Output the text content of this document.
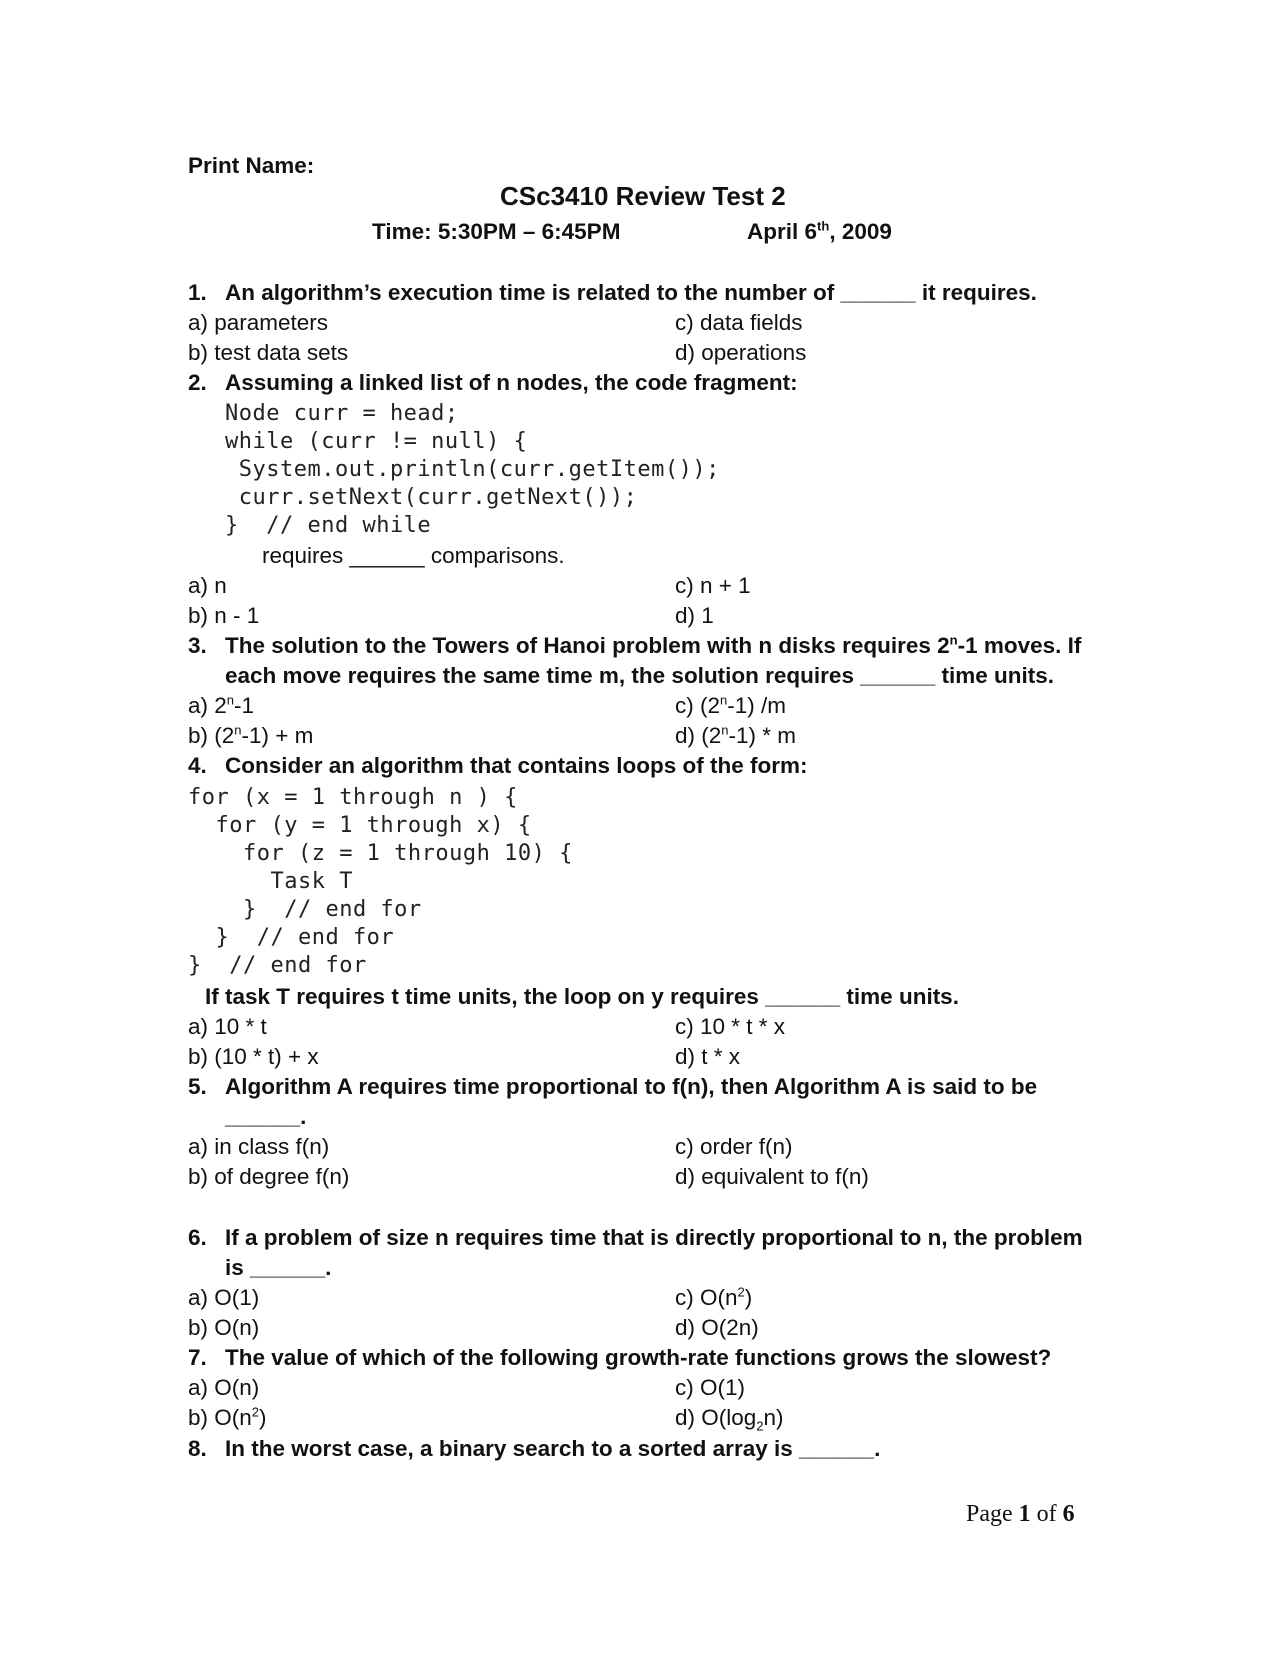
Print Name:
CSc3410 Review Test 2
Time: 5:30PM – 6:45PM	April 6th, 2009
1. An algorithm’s execution time is related to the number of ______ it requires.
a) parameters
b) test data sets
c) data fields
d) operations
2. Assuming a linked list of n nodes, the code fragment:
Node curr = head;
while (curr != null) {
System.out.println(curr.getItem());
curr.setNext(curr.getNext());
}  // end while
requires ______ comparisons.
a) n
b) n - 1
c) n + 1
d) 1
3. The solution to the Towers of Hanoi problem with n disks requires 2$^n$-1 moves. If
each move requires the same time m, the solution requires ______ time units.
a) 2$^n$-1
b) $(2^n-1) + m$
c) (2$^n$-1) /m
d) (2$^n$-1) * m
4. Consider an algorithm that contains loops of the form:
for (x = 1 through n ) {
for (y = 1 through x) {
for (z = 1 through 10) {
Task T
}  // end for
}  // end for
}  // end for
If task T requires t time units, the loop on y requires ______ time units.
a) 10 * t
b) (10 * t) + x
c) 10 * t * x
d) t * x
5. Algorithm A requires time proportional to f(n), then Algorithm A is said to be
______.
a) in class f(n)
b) of degree f(n)
c) order f(n)
d) equivalent to f(n)
6. If a problem of size n requires time that is directly proportional to n, the problem
is ______.
a) O(1)
b) O(n)
c) $O(n^2)$
d) O(2n)
7. The value of which of the following growth-rate functions grows the slowest?
a) O(n)
b) $O(n^2)$
c) O(1)
d) $O(\log_2n)$
8. In the worst case, a binary search to a sorted array is ______.
Page 1 of 6
